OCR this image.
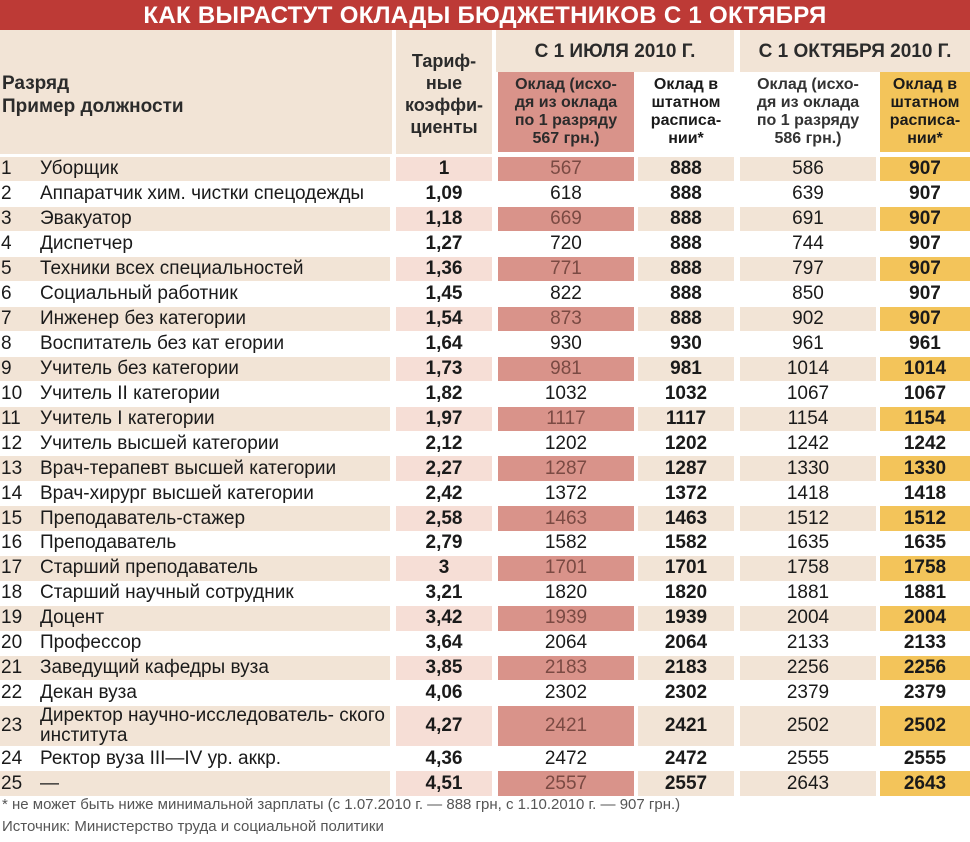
КАК ВЫРАСТУТ ОКЛАДЫ БЮДЖЕТНИКОВ С 1 ОКТЯБРЯ
Разряд
Пример должности
Тариф-
ные
коэффи-
циенты
С 1 ИЮЛЯ 2010 Г.	С 1 ОКТЯБРЯ 2010 Г.
Оклад (исхо-
дя из оклада
по 1 разряду
567 грн.)
Оклад в
штатном
расписа-
нии*
Оклад (исхо-
дя из оклада
по 1 разряду
586 грн.)
Оклад в
штатном
расписа-
нии*
1	Уборщик	1	567	888	586	907
2	Аппаратчик хим. чистки спецодежды	1,09	618	888	639	907
3	Эвакуатор	1,18	669	888	691	907
4	Диспетчер	1,27	720	888	744	907
5	Техники всех специальностей	1,36	771	888	797	907
6	Социальный работник	1,45	822	888	850	907
7	Инженер без категории	1,54	873	888	902	907
8	Воспитатель без кат егории	1,64	930	930	961	961
9	Учитель без категории	1,73	981	981	1014	1014
10 Учитель II категории	1,82	1032	1032	1067	1067
11	Учитель I категории	1,97	1117	1117	1154	1154
12 Учитель высшей категории	2,12	1202	1202	1242	1242
13 Врач-терапевт высшей категории	2,27	1287	1287	1330	1330
14 Врач-хирург высшей категории	2,42	1372	1372	1418	1418
15 Преподаватель-стажер	2,58	1463	1463	1512	1512
16 Преподаватель	2,79	1582	1582	1635	1635
17 Старший преподаватель	3	1701	1701	1758	1758
18 Старший научный сотрудник	3,21	1820	1820	1881	1881
19 Доцент	3,42	1939	1939	2004	2004
20 Профессор	3,64	2064	2064	2133	2133
21 Заведущий кафедры вуза	3,85	2183	2183	2256	2256
22 Декан вуза	4,06	2302	2302	2379	2379
23 Директор научно-исследователь- ского института	4,27	2421	2421	2502	2502
24 Ректор вуза III—IV ур. аккр.	4,36	2472	2472	2555	2555
25 —	4,51	2557	2557	2643	2643
* не может быть ниже минимальной зарплаты (с 1.07.2010 г. — 888 грн, с 1.10.2010 г. — 907 грн.)
Источник: Министерство труда и социальной политики
